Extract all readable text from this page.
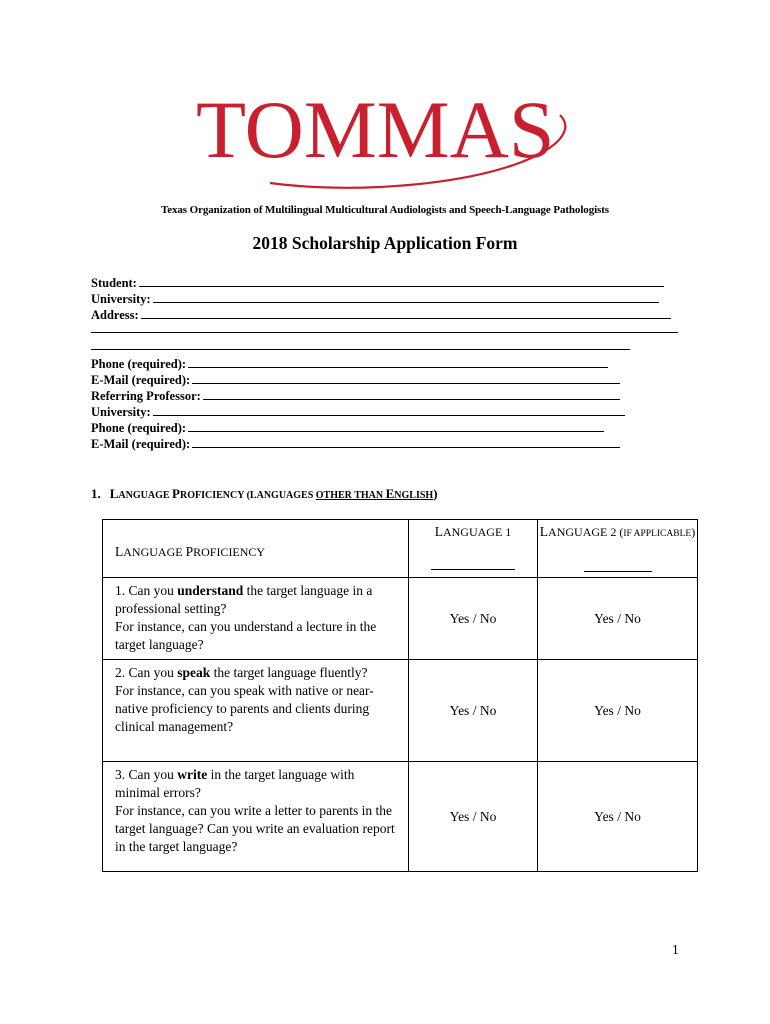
TOMMAS
Texas Organization of Multilingual Multicultural Audiologists and Speech-Language Pathologists
2018 Scholarship Application Form
Student:
University:
Address:
Phone (required):
E-Mail (required):
Referring Professor:
University:
Phone (required):
E-Mail (required):
1. LANGUAGE PROFICIENCY (LANGUAGES OTHER THAN ENGLISH)
LANGUAGE PROFICIENCY	LANGUAGE 1	LANGUAGE 2 (IF APPLICABLE)

1. Can you understand the target language in a professional setting?
For instance, can you understand a lecture in the target language?	Yes / No	Yes / No

2. Can you speak the target language fluently?
For instance, can you speak with native or near-native proficiency to parents and clients during clinical management?	Yes / No	Yes / No

3. Can you write in the target language with minimal errors?
For instance, can you write a letter to parents in the target language? Can you write an evaluation report in the target language?	Yes / No	Yes / No
1
